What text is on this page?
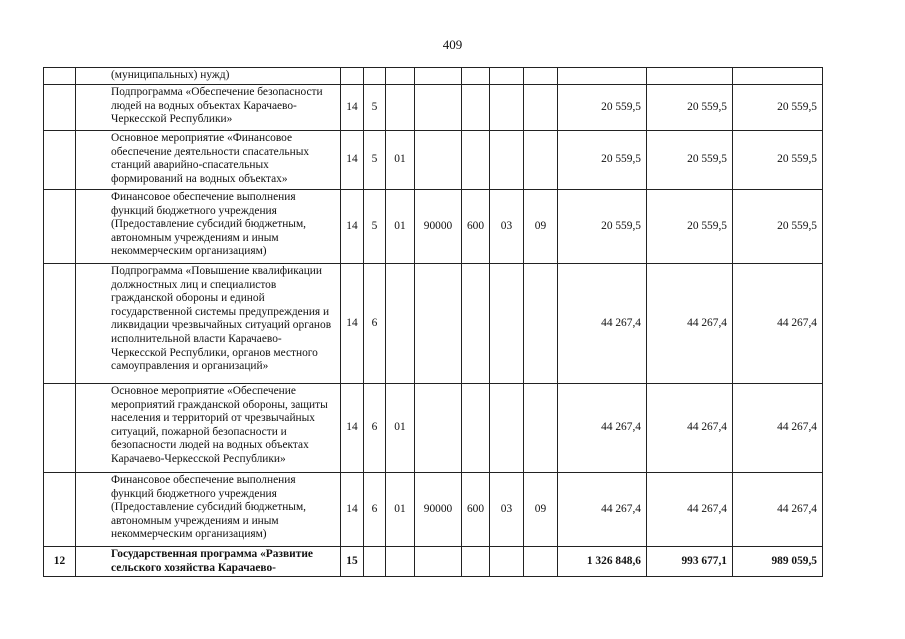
409
	(муниципальных) нужд)										
	Подпрограмма «Обеспечение безопасности людей на водных объектах Карачаево-Черкесской Республики»	14	5						20 559,5	20 559,5	20 559,5
	Основное мероприятие «Финансовое обеспечение деятельности спасательных станций аварийно-спасательных формирований на водных объектах»	14	5	01					20 559,5	20 559,5	20 559,5
	Финансовое обеспечение выполнения функций бюджетного учреждения (Предоставление субсидий бюджетным, автономным учреждениям и иным некоммерческим организациям)	14	5	01	90000	600	03	09	20 559,5	20 559,5	20 559,5
	Подпрограмма «Повышение квалификации должностных лиц и специалистов гражданской обороны и единой государственной системы предупреждения и ликвидации чрезвычайных ситуаций органов исполнительной власти Карачаево-Черкесской Республики, органов местного самоуправления и организаций»	14	6						44 267,4	44 267,4	44 267,4
	Основное мероприятие «Обеспечение мероприятий гражданской обороны, защиты населения и территорий от чрезвычайных ситуаций, пожарной безопасности и безопасности людей на водных объектах Карачаево-Черкесской Республики»	14	6	01					44 267,4	44 267,4	44 267,4
	Финансовое обеспечение выполнения функций бюджетного учреждения (Предоставление субсидий бюджетным, автономным учреждениям и иным некоммерческим организациям)	14	6	01	90000	600	03	09	44 267,4	44 267,4	44 267,4
12	Государственная программа «Развитие сельского хозяйства Карачаево-	15							1 326 848,6	993 677,1	989 059,5
